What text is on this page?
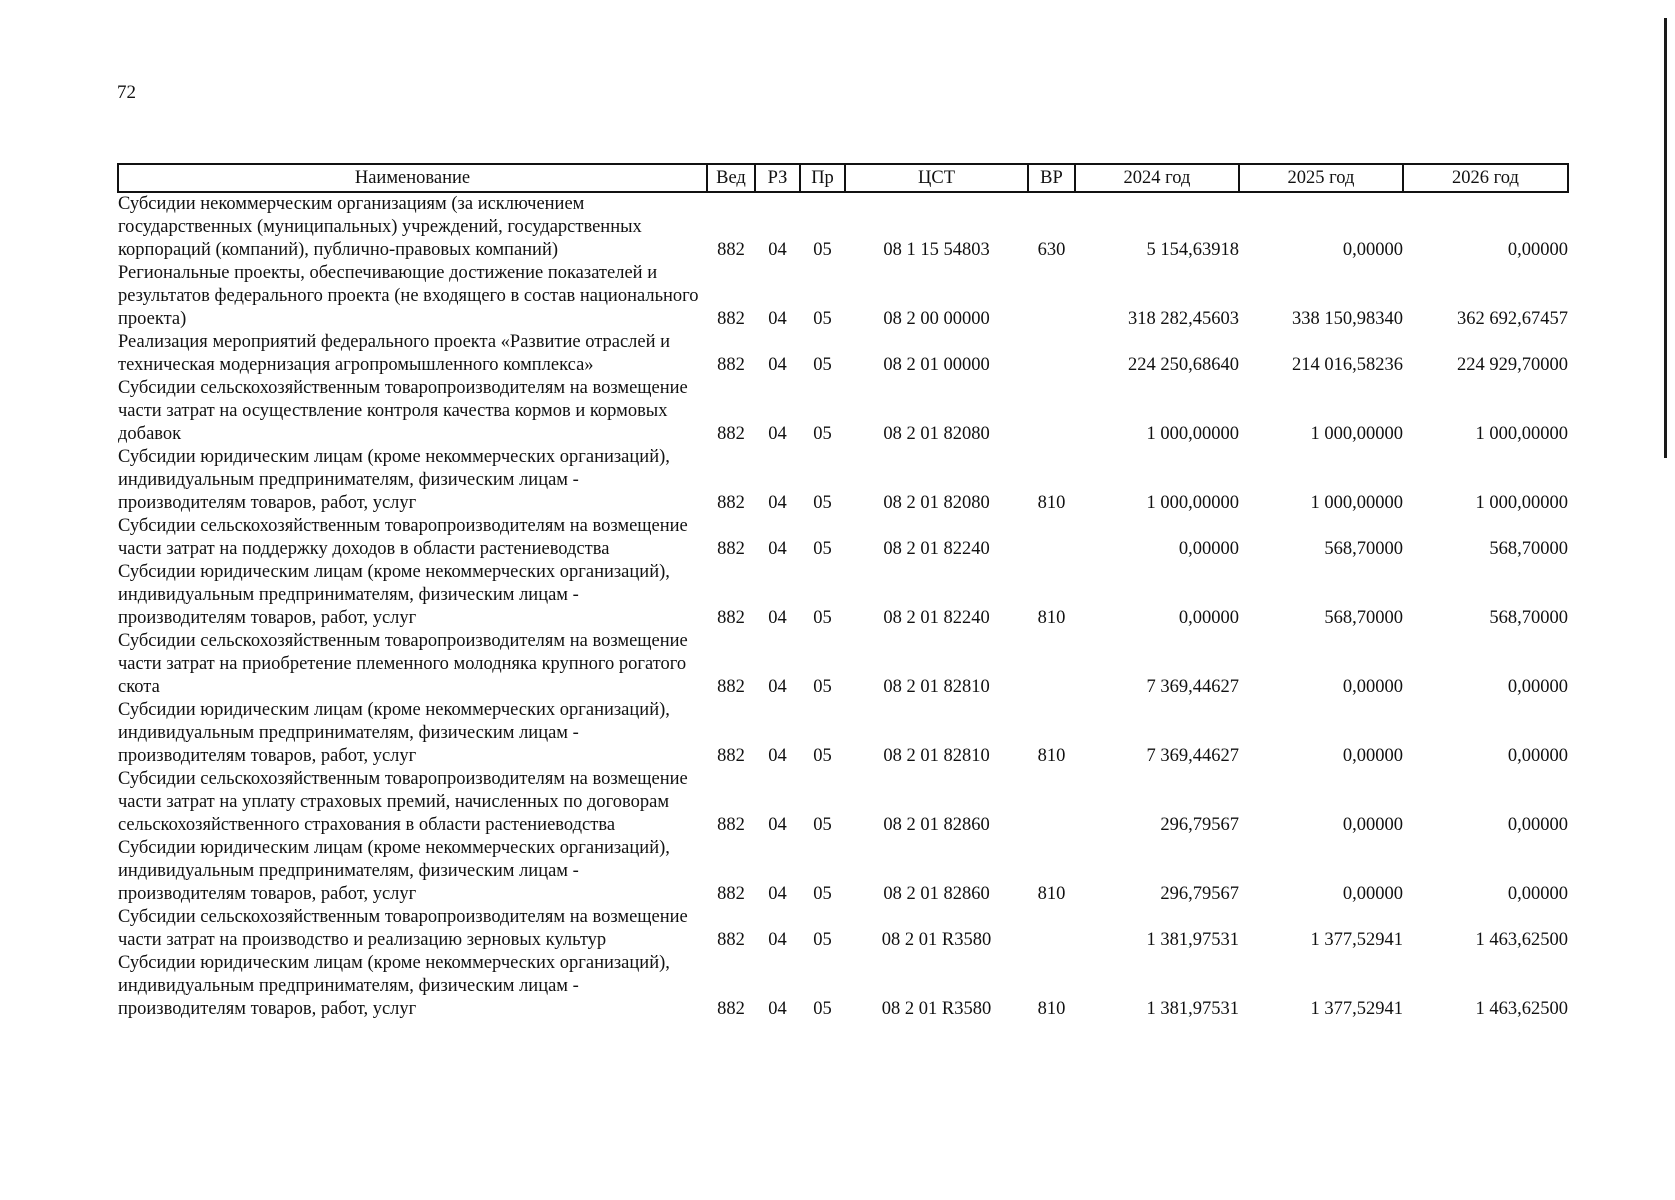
72
Наименование	Вед	РЗ	Пр	ЦСТ	ВР	2024 год	2025 год	2026 год
Субсидии некоммерческим организациям (за исключением государственных (муниципальных) учреждений, государственных корпораций (компаний), публично-правовых компаний)	882	04	05	08 1 15 54803	630	5 154,63918	0,00000	0,00000
Региональные проекты, обеспечивающие достижение показателей и результатов федерального проекта (не входящего в состав национального проекта)	882	04	05	08 2 00 00000		318 282,45603	338 150,98340	362 692,67457
Реализация мероприятий федерального проекта «Развитие отраслей и техническая модернизация агропромышленного комплекса»	882	04	05	08 2 01 00000		224 250,68640	214 016,58236	224 929,70000
Субсидии сельскохозяйственным товаропроизводителям на возмещение части затрат на осуществление контроля качества кормов и кормовых добавок	882	04	05	08 2 01 82080		1 000,00000	1 000,00000	1 000,00000
Субсидии юридическим лицам (кроме некоммерческих организаций), индивидуальным предпринимателям, физическим лицам - производителям товаров, работ, услуг	882	04	05	08 2 01 82080	810	1 000,00000	1 000,00000	1 000,00000
Субсидии сельскохозяйственным товаропроизводителям на возмещение части затрат на поддержку доходов в области растениеводства	882	04	05	08 2 01 82240		0,00000	568,70000	568,70000
Субсидии юридическим лицам (кроме некоммерческих организаций), индивидуальным предпринимателям, физическим лицам - производителям товаров, работ, услуг	882	04	05	08 2 01 82240	810	0,00000	568,70000	568,70000
Субсидии сельскохозяйственным товаропроизводителям на возмещение части затрат на приобретение племенного молодняка крупного рогатого скота	882	04	05	08 2 01 82810		7 369,44627	0,00000	0,00000
Субсидии юридическим лицам (кроме некоммерческих организаций), индивидуальным предпринимателям, физическим лицам - производителям товаров, работ, услуг	882	04	05	08 2 01 82810	810	7 369,44627	0,00000	0,00000
Субсидии сельскохозяйственным товаропроизводителям на возмещение части затрат на уплату страховых премий, начисленных по договорам сельскохозяйственного страхования в области растениеводства	882	04	05	08 2 01 82860		296,79567	0,00000	0,00000
Субсидии юридическим лицам (кроме некоммерческих организаций), индивидуальным предпринимателям, физическим лицам - производителям товаров, работ, услуг	882	04	05	08 2 01 82860	810	296,79567	0,00000	0,00000
Субсидии сельскохозяйственным товаропроизводителям на возмещение части затрат на производство и реализацию зерновых культур	882	04	05	08 2 01 R3580		1 381,97531	1 377,52941	1 463,62500
Субсидии юридическим лицам (кроме некоммерческих организаций), индивидуальным предпринимателям, физическим лицам - производителям товаров, работ, услуг	882	04	05	08 2 01 R3580	810	1 381,97531	1 377,52941	1 463,62500
